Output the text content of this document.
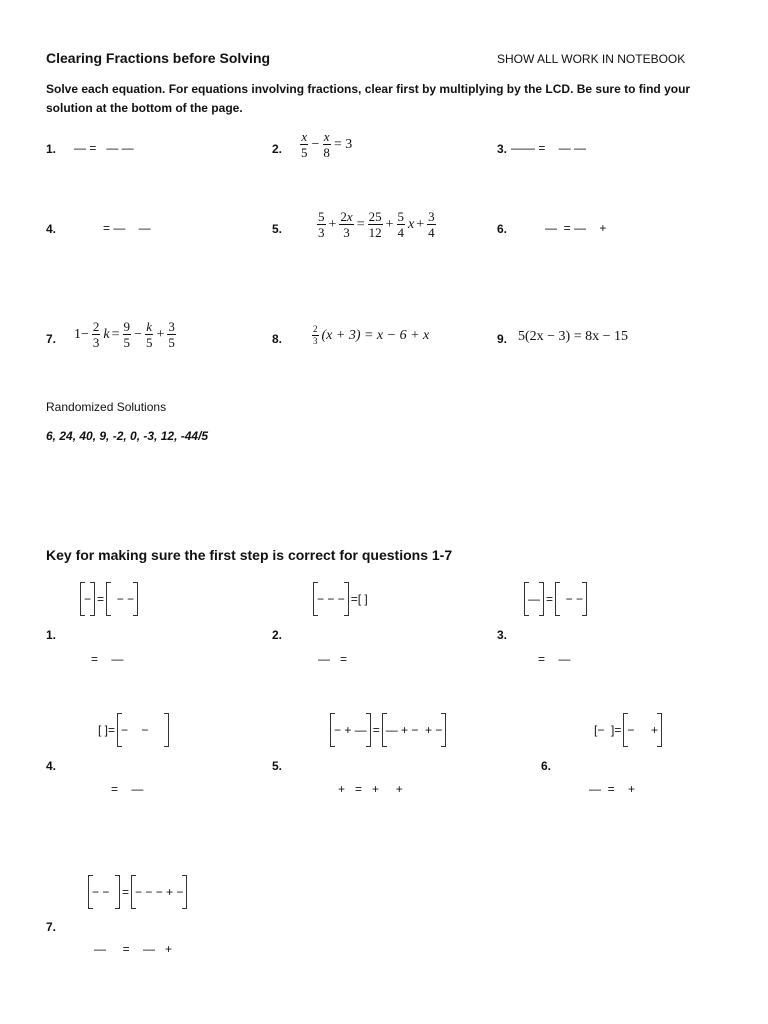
Clearing Fractions before Solving	SHOW ALL WORK IN NOTEBOOK
Solve each equation. For equations involving fractions, clear first by multiplying by the LCD. Be sure to find your
solution at the bottom of the page.
1. — =   — —	2. $\frac{x}{5} - \frac{x}{8} = 3$	3. —— =    — —
4.	= —    —	5.	$\frac{5}{3} + \frac{2x}{3} = \frac{25}{12} + \frac{5}{4}$ $x + \frac{3}{4}$	6.	—  = —    +
7. $1- \frac{2}{3}$ $k = \frac{9}{5} - \frac{k}{5} + \frac{3}{5}$	8.	$\frac{2}{3} (x + 3) = x - 6 + x$	9. 5(2x − 3) = 8x − 15
Randomized Solutions
6, 24, 40, 9, -2, 0, -3, 12, -44/5
Key for making sure the first step is correct for questions 1-7
− = − −
1.
=    —
− − − =[ ]
2.
—   =
— = − −
3.
=    —
[ ]= −    −
4.
=    —
− + — = — + −  + −
5.
+   =   +     +
[−  ]= −     +
6.
—  =    +
− − = − − − + −
7.
—     =    —   +
